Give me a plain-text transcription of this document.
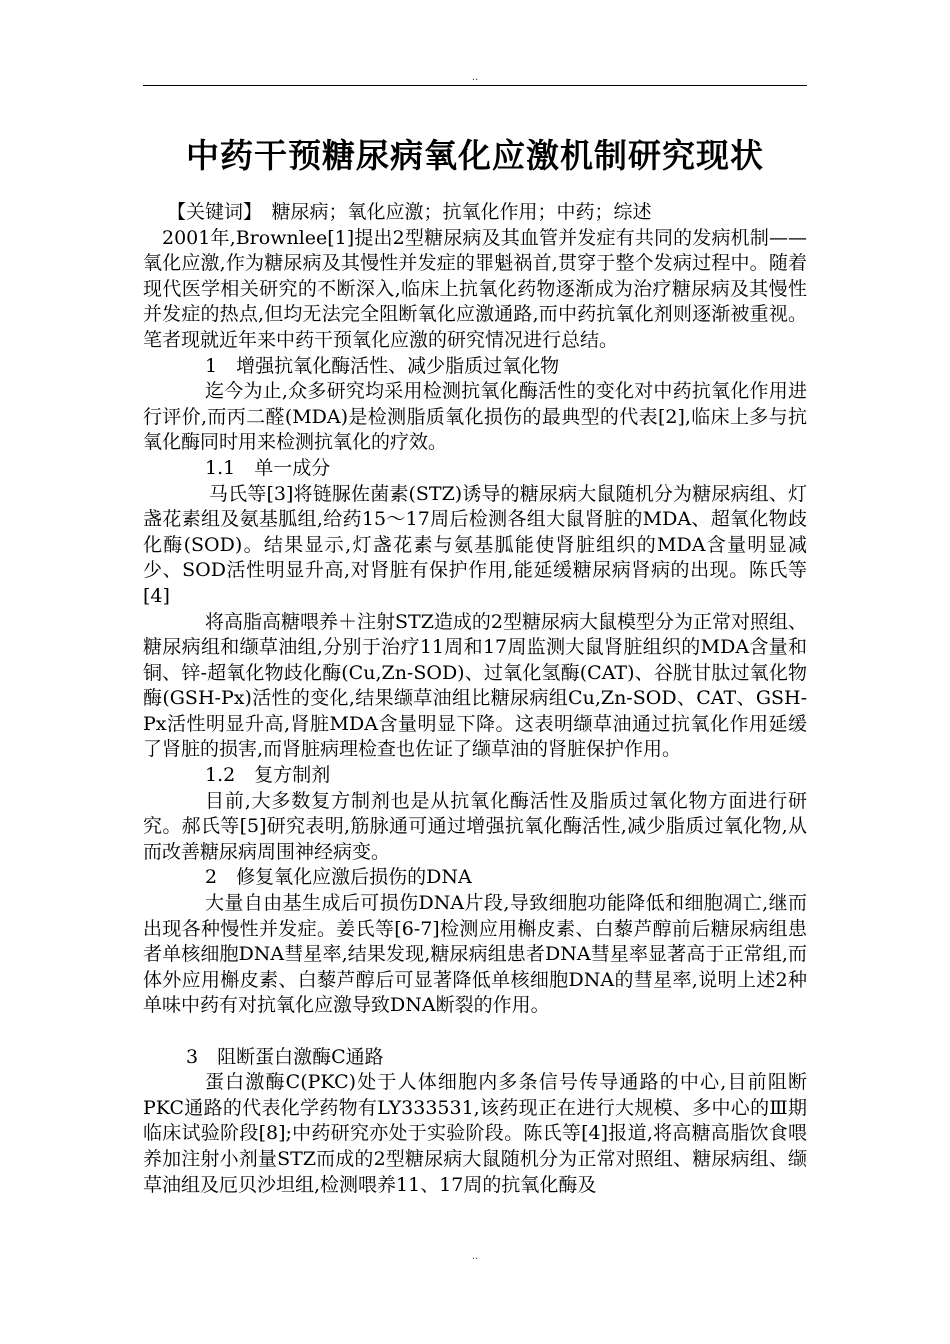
..
中药干预糖尿病氧化应激机制研究现状

【关键词】　糖尿病；氧化应激；抗氧化作用；中药；综述

2001年,Brownlee[1]提出2型糖尿病及其血管并发症有共同的发病机制——氧化应激,作为糖尿病及其慢性并发症的罪魁祸首,贯穿于整个发病过程中。随着现代医学相关研究的不断深入,临床上抗氧化药物逐渐成为治疗糖尿病及其慢性并发症的热点,但均无法完全阻断氧化应激通路,而中药抗氧化剂则逐渐被重视。笔者现就近年来中药干预氧化应激的研究情况进行总结。

1　增强抗氧化酶活性、减少脂质过氧化物

迄今为止,众多研究均采用检测抗氧化酶活性的变化对中药抗氧化作用进行评价,而丙二醛(MDA)是检测脂质氧化损伤的最典型的代表[2],临床上多与抗氧化酶同时用来检测抗氧化的疗效。

1.1　单一成分

马氏等[3]将链脲佐菌素(STZ)诱导的糖尿病大鼠随机分为糖尿病组、灯盏花素组及氨基胍组,给药15～17周后检测各组大鼠肾脏的MDA、超氧化物歧化酶(SOD)。结果显示,灯盏花素与氨基胍能使肾脏组织的MDA含量明显减少、SOD活性明显升高,对肾脏有保护作用,能延缓糖尿病肾病的出现。陈氏等[4]

将高脂高糖喂养＋注射STZ造成的2型糖尿病大鼠模型分为正常对照组、糖尿病组和缬草油组,分别于治疗11周和17周监测大鼠肾脏组织的MDA含量和铜、锌-超氧化物歧化酶(Cu,Zn-SOD)、过氧化氢酶(CAT)、谷胱甘肽过氧化物酶(GSH-Px)活性的变化,结果缬草油组比糖尿病组Cu,Zn-SOD、CAT、GSH-Px活性明显升高,肾脏MDA含量明显下降。这表明缬草油通过抗氧化作用延缓了肾脏的损害,而肾脏病理检查也佐证了缬草油的肾脏保护作用。

1.2　复方制剂

目前,大多数复方制剂也是从抗氧化酶活性及脂质过氧化物方面进行研究。郝氏等[5]研究表明,筋脉通可通过增强抗氧化酶活性,减少脂质过氧化物,从而改善糖尿病周围神经病变。

2　修复氧化应激后损伤的DNA

大量自由基生成后可损伤DNA片段,导致细胞功能降低和细胞凋亡,继而出现各种慢性并发症。姜氏等[6-7]检测应用槲皮素、白藜芦醇前后糖尿病组患者单核细胞DNA彗星率,结果发现,糖尿病组患者DNA彗星率显著高于正常组,而体外应用槲皮素、白藜芦醇后可显著降低单核细胞DNA的彗星率,说明上述2种单味中药有对抗氧化应激导致DNA断裂的作用。

3　阻断蛋白激酶C通路

蛋白激酶C(PKC)处于人体细胞内多条信号传导通路的中心,目前阻断PKC通路的代表化学药物有LY333531,该药现正在进行大规模、多中心的Ⅲ期临床试验阶段[8];中药研究亦处于实验阶段。陈氏等[4]报道,将高糖高脂饮食喂养加注射小剂量STZ而成的2型糖尿病大鼠随机分为正常对照组、糖尿病组、缬草油组及厄贝沙坦组,检测喂养11、17周的抗氧化酶及

..
